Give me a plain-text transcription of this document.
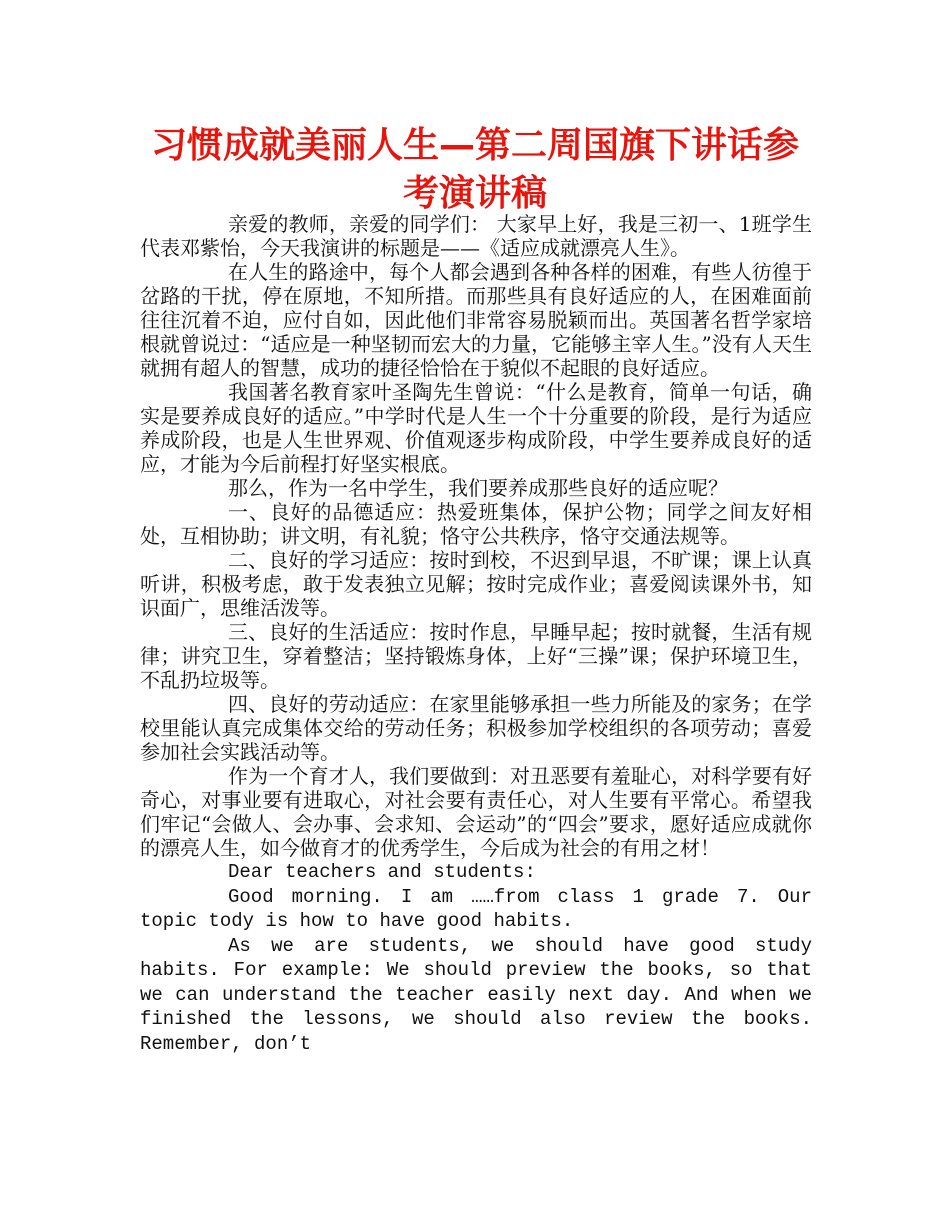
习惯成就美丽人生—第二周国旗下讲话参考演讲稿

亲爱的教师，亲爱的同学们： 大家早上好，我是三初一、1班学生代表邓紫怡，今天我演讲的标题是——《适应成就漂亮人生》。

在人生的路途中，每个人都会遇到各种各样的困难，有些人彷徨于岔路的干扰，停在原地，不知所措。而那些具有良好适应的人，在困难面前往往沉着不迫，应付自如，因此他们非常容易脱颖而出。英国著名哲学家培根就曾说过：“适应是一种坚韧而宏大的力量，它能够主宰人生。”没有人天生就拥有超人的智慧，成功的捷径恰恰在于貌似不起眼的良好适应。

我国著名教育家叶圣陶先生曾说：“什么是教育，简单一句话，确实是要养成良好的适应。”中学时代是人生一个十分重要的阶段，是行为适应养成阶段，也是人生世界观、价值观逐步构成阶段，中学生要养成良好的适应，才能为今后前程打好坚实根底。

那么，作为一名中学生，我们要养成那些良好的适应呢？

一、良好的品德适应：热爱班集体，保护公物；同学之间友好相处，互相协助；讲文明，有礼貌；恪守公共秩序，恪守交通法规等。

二、良好的学习适应：按时到校，不迟到早退，不旷课；课上认真听讲，积极考虑，敢于发表独立见解；按时完成作业；喜爱阅读课外书，知识面广，思维活泼等。

三、良好的生活适应：按时作息，早睡早起；按时就餐，生活有规律；讲究卫生，穿着整洁；坚持锻炼身体，上好“三操”课；保护环境卫生，不乱扔垃圾等。

四、良好的劳动适应：在家里能够承担一些力所能及的家务；在学校里能认真完成集体交给的劳动任务；积极参加学校组织的各项劳动；喜爱参加社会实践活动等。

作为一个育才人，我们要做到：对丑恶要有羞耻心，对科学要有好奇心，对事业要有进取心，对社会要有责任心，对人生要有平常心。希望我们牢记“会做人、会办事、会求知、会运动”的“四会”要求，愿好适应成就你的漂亮人生，如今做育才的优秀学生，今后成为社会的有用之材！

Dear teachers and students:

Good morning. I am ……from class 1 grade 7. Our topic tody is how to have good habits.

As we are students, we should have good study habits. For example: We should preview the books, so that we can understand the teacher easily next day. And when we finished the lessons, we should also review the books. Remember, don’t
